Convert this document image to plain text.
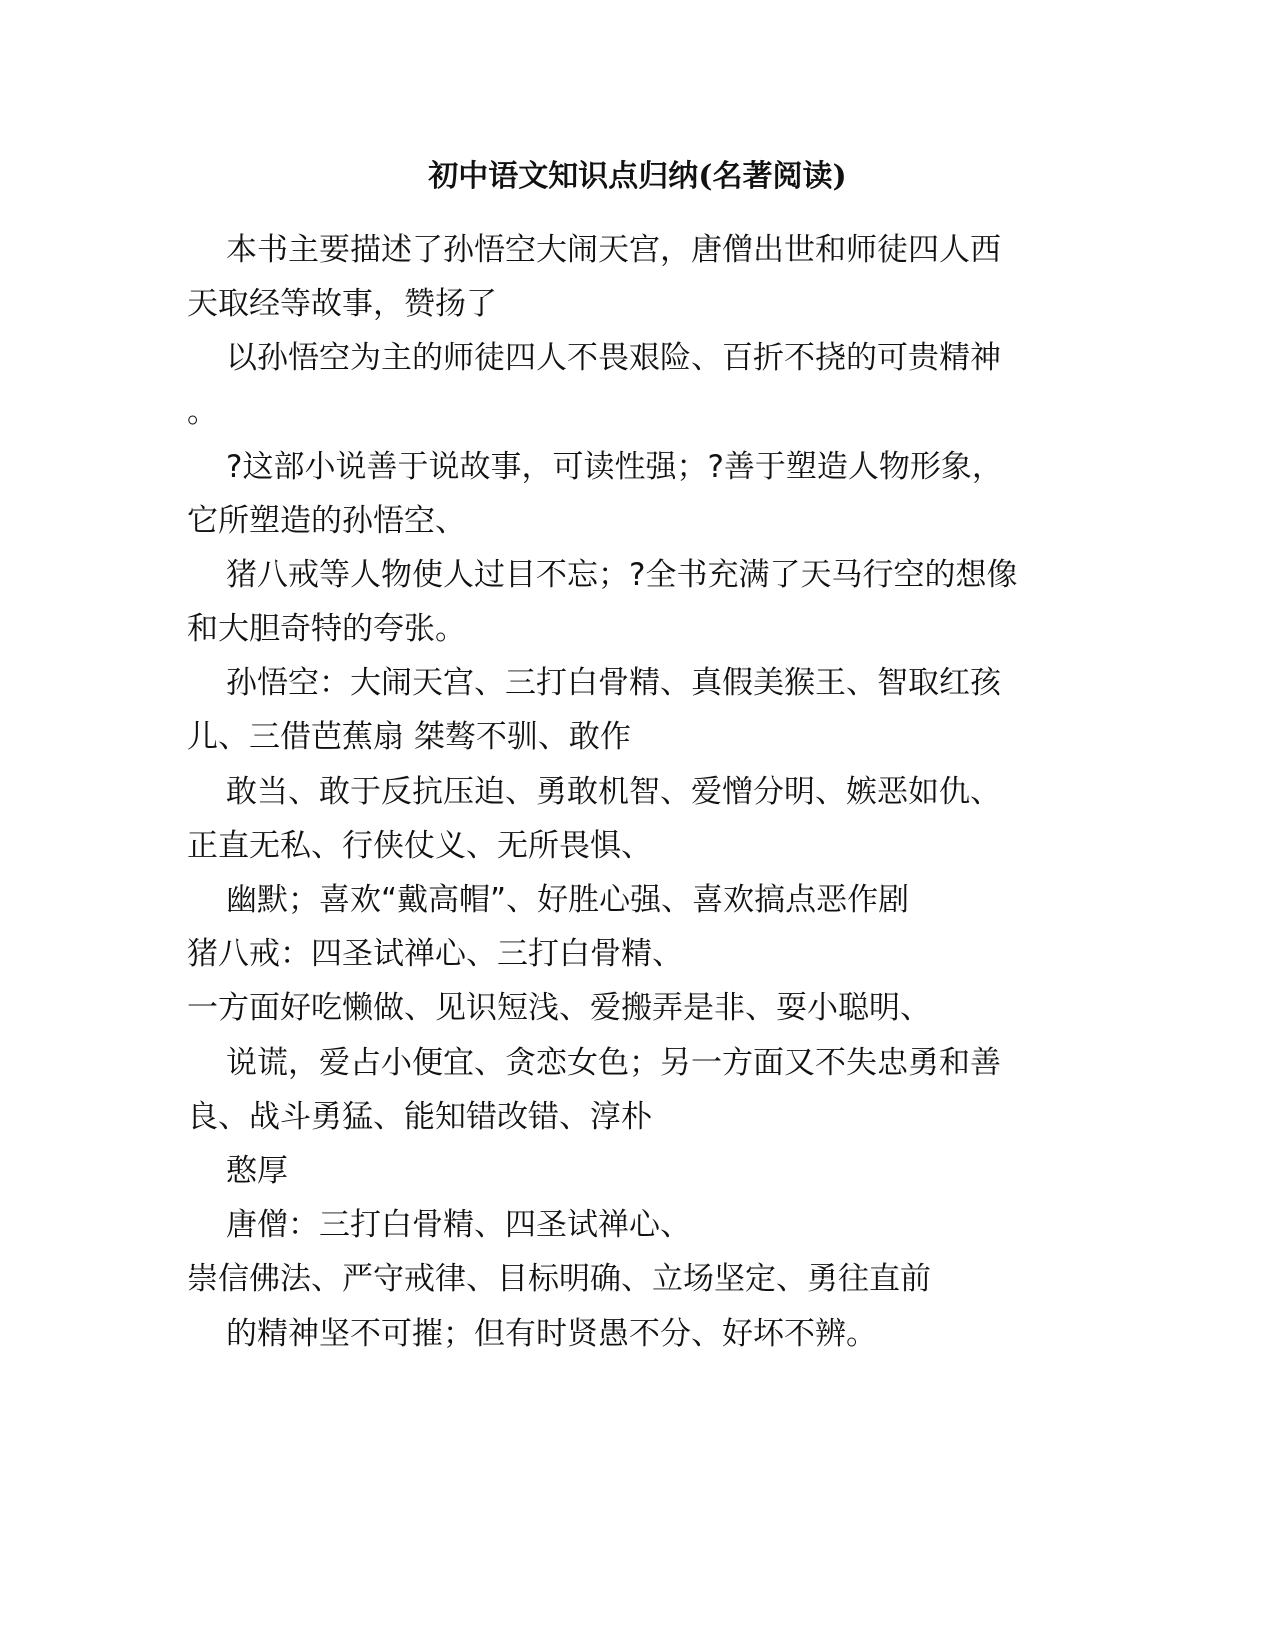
初中语文知识点归纳(名著阅读)
本书主要描述了孙悟空大闹天宫，唐僧出世和师徒四人西
天取经等故事，赞扬了
以孙悟空为主的师徒四人不畏艰险、百折不挠的可贵精神
。
?这部小说善于说故事，可读性强；?善于塑造人物形象，
它所塑造的孙悟空、
猪八戒等人物使人过目不忘；?全书充满了天马行空的想像
和大胆奇特的夸张。
孙悟空：大闹天宫、三打白骨精、真假美猴王、智取红孩
儿、三借芭蕉扇 桀骜不驯、敢作
敢当、敢于反抗压迫、勇敢机智、爱憎分明、嫉恶如仇、
正直无私、行侠仗义、无所畏惧、
幽默；喜欢“戴高帽”、好胜心强、喜欢搞点恶作剧
猪八戒：四圣试禅心、三打白骨精、
一方面好吃懒做、见识短浅、爱搬弄是非、耍小聪明、
说谎，爱占小便宜、贪恋女色；另一方面又不失忠勇和善
良、战斗勇猛、能知错改错、淳朴
憨厚
唐僧：三打白骨精、四圣试禅心、
崇信佛法、严守戒律、目标明确、立场坚定、勇往直前
的精神坚不可摧；但有时贤愚不分、好坏不辨。
